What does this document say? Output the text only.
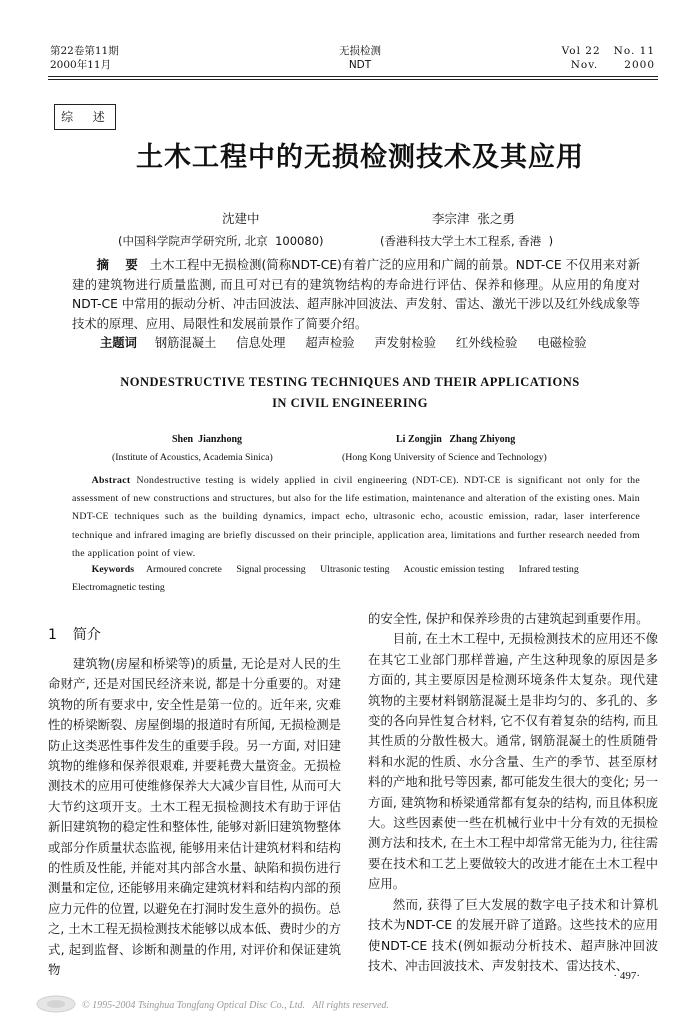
第22卷第11期
2000年11月
无损检测
NDT
Vol 22   No. 11
Nov.      2000
综  述
土木工程中的无损检测技术及其应用
沈建中	李宗津  张之勇
(中国科学院声学研究所, 北京  100080)	(香港科技大学土木工程系, 香港  )
摘 要 土木工程中无损检测(简称NDT-CE)有着广泛的应用和广阔的前景。NDT-CE 不仅用来对新建的建筑物进行质量监测, 而且可对已有的建筑物结构的寿命进行评估、保养和修理。从应用的角度对NDT-CE 中常用的振动分析、冲击回波法、超声脉冲回波法、声发射、雷达、激光干涉以及红外线成象等技术的原理、应用、局限性和发展前景作了简要介绍。
主题词 钢筋混凝土 信息处理 超声检验 声发射检验 红外线检验 电磁检验
NONDESTRUCTIVE TESTING TECHNIQUES AND THEIR APPLICATIONS
IN CIVIL ENGINEERING
Shen  Jianzhong	Li Zongjin   Zhang Zhiyong
(Institute of Acoustics, Academia Sinica)	(Hong Kong University of Science and Technology)
Abstract Nondestructive testing is widely applied in civil engineering (NDT-CE). NDT-CE is significant not only for the assessment of new constructions and structures, but also for the life estimation, maintenance and alteration of the existing ones. Main NDT-CE techniques such as the building dynamics, impact echo, ultrasonic echo, acoustic emission, radar, laser interference technique and infrared imaging are briefly discussed on their principle, application area, limitations and further research needed from the application point of view.
Keywords Armoured concrete Signal processing Ultrasonic testing Acoustic emission testing Infrared testing Electromagnetic testing
1 简介

建筑物(房屋和桥梁等)的质量, 无论是对人民的生命财产, 还是对国民经济来说, 都是十分重要的。对建筑物的所有要求中, 安全性是第一位的。近年来, 灾难性的桥梁断裂、房屋倒塌的报道时有所闻, 无损检测是防止这类恶性事件发生的重要手段。另一方面, 对旧建筑物的维修和保养很艰难, 并要耗费大量资金。无损检测技术的应用可使维修保养大大减少盲目性, 从而可大大节约这项开支。土木工程无损检测技术有助于评估新旧建筑物的稳定性和整体性, 能够对新旧建筑物整体或部分作质量状态监视, 能够用来估计建筑材料和结构的性质及性能, 并能对其内部含水量、缺陷和损伤进行测量和定位, 还能够用来确定建筑材料和结构内部的预应力元件的位置, 以避免在打洞时发生意外的损伤。总之, 土木工程无损检测技术能够以成本低、费时少的方式, 起到监督、诊断和测量的作用, 对评价和保证建筑物

的安全性, 保护和保养珍贵的古建筑起到重要作用。

目前, 在土木工程中, 无损检测技术的应用还不像在其它工业部门那样普遍, 产生这种现象的原因是多方面的, 其主要原因是检测环境条件太复杂。现代建筑物的主要材料钢筋混凝土是非均匀的、多孔的、多变的各向异性复合材料, 它不仅有着复杂的结构, 而且其性质的分散性极大。通常, 钢筋混凝土的性质随骨料和水泥的性质、水分含量、生产的季节、甚至原材料的产地和批号等因素, 都可能发生很大的变化; 另一方面, 建筑物和桥梁通常都有复杂的结构, 而且体积庞大。这些因素使一些在机械行业中十分有效的无损检测方法和技术, 在土木工程中却常常无能为力, 往往需要在技术和工艺上要做较大的改进才能在土木工程中应用。

然而, 获得了巨大发展的数字电子技术和计算机技术为NDT-CE 的发展开辟了道路。这些技术的应用使NDT-CE 技术(例如振动分析技术、超声脉冲回波技术、冲击回波技术、声发射技术、雷达技术、

· 497·
© 1995-2004 Tsinghua Tongfang Optical Disc Co., Ltd.   All rights reserved.
